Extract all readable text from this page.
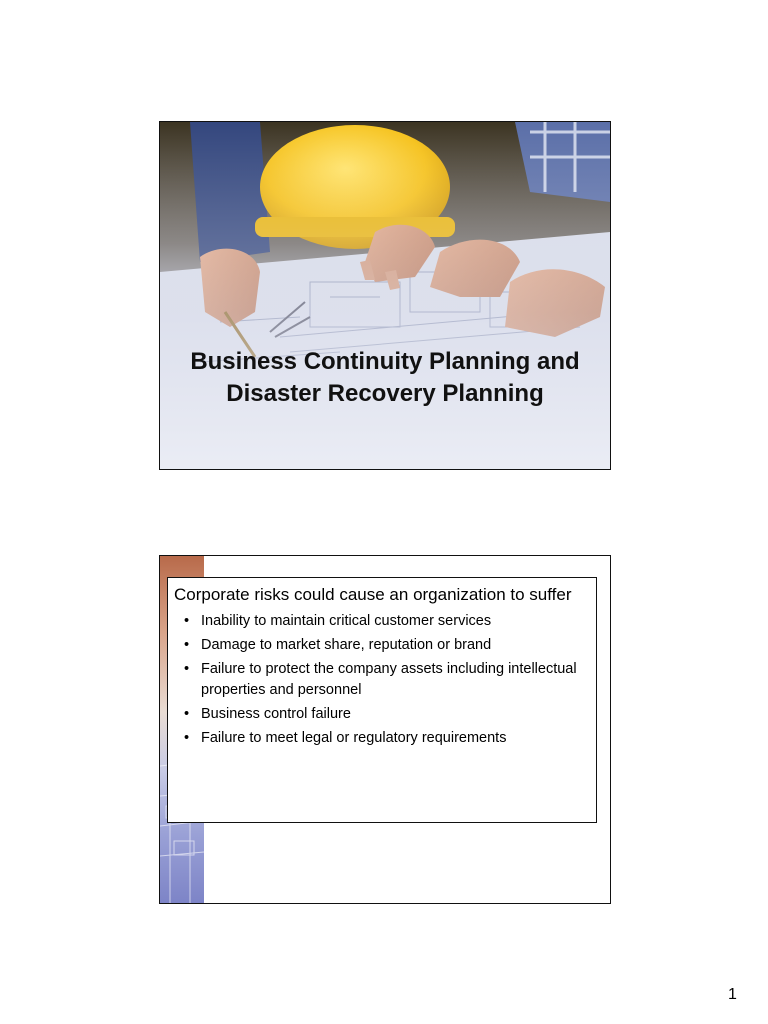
Business Continuity Planning and
Disaster Recovery Planning
Corporate risks could cause an organization to suffer
• Inability to maintain critical customer services
• Damage to market share, reputation or brand
• Failure to protect the company assets including intellectual properties and personnel
• Business control failure
• Failure to meet legal or regulatory requirements
1
